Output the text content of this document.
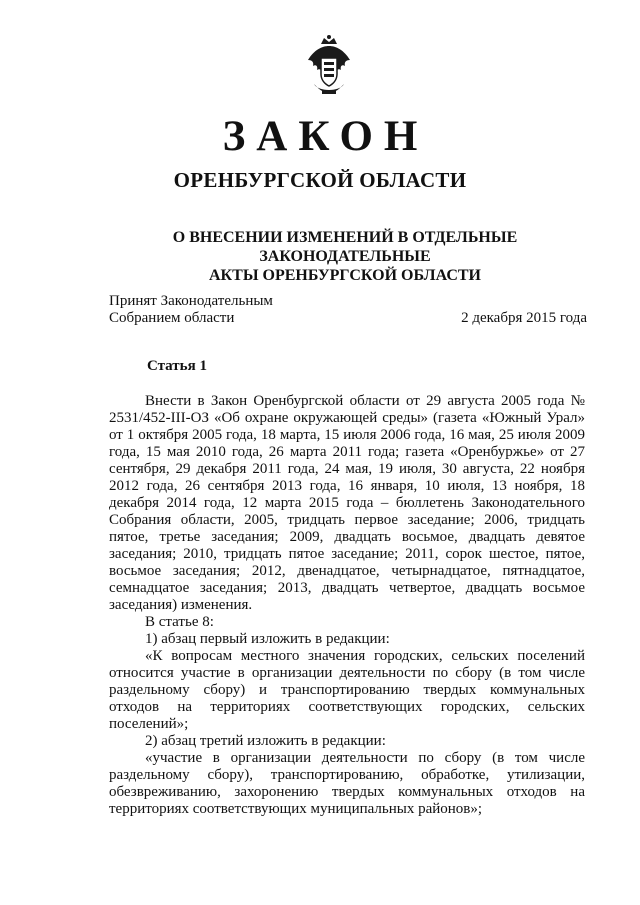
ЗАКОН
ОРЕНБУРГСКОЙ ОБЛАСТИ
О ВНЕСЕНИИ ИЗМЕНЕНИЙ В ОТДЕЛЬНЫЕ ЗАКОНОДАТЕЛЬНЫЕ
АКТЫ ОРЕНБУРГСКОЙ ОБЛАСТИ
Принят Законодательным
Собранием области	2 декабря 2015 года
Статья 1

Внести в Закон Оренбургской области от 29 августа 2005 года № 2531/452-III-ОЗ «Об охране окружающей среды» (газета «Южный Урал» от 1 октября 2005 года, 18 марта, 15 июля 2006 года, 16 мая, 25 июля 2009 года, 15 мая 2010 года, 26 марта 2011 года; газета «Оренбуржье» от 27 сентября, 29 декабря 2011 года, 24 мая, 19 июля, 30 августа, 22 ноября 2012 года, 26 сентября 2013 года, 16 января, 10 июля, 13 ноября, 18 декабря 2014 года, 12 марта 2015 года – бюллетень Законодательного Собрания области, 2005, тридцать первое заседание; 2006, тридцать пятое, третье заседания; 2009, двадцать восьмое, двадцать девятое заседания; 2010, тридцать пятое заседание; 2011, сорок шестое, пятое, восьмое заседания; 2012, двенадцатое, четырнадцатое, пятнадцатое, семнадцатое заседания; 2013, двадцать четвертое, двадцать восьмое заседания) изменения.

В статье 8:

1) абзац первый изложить в редакции:

«К вопросам местного значения городских, сельских поселений относится участие в организации деятельности по сбору (в том числе раздельному сбору) и транспортированию твердых коммунальных отходов на территориях соответствующих городских, сельских поселений»;

2) абзац третий изложить в редакции:

«участие в организации деятельности по сбору (в том числе раздельному сбору), транспортированию, обработке, утилизации, обезвреживанию, захоронению твердых коммунальных отходов на территориях соответствующих муниципальных районов»;
